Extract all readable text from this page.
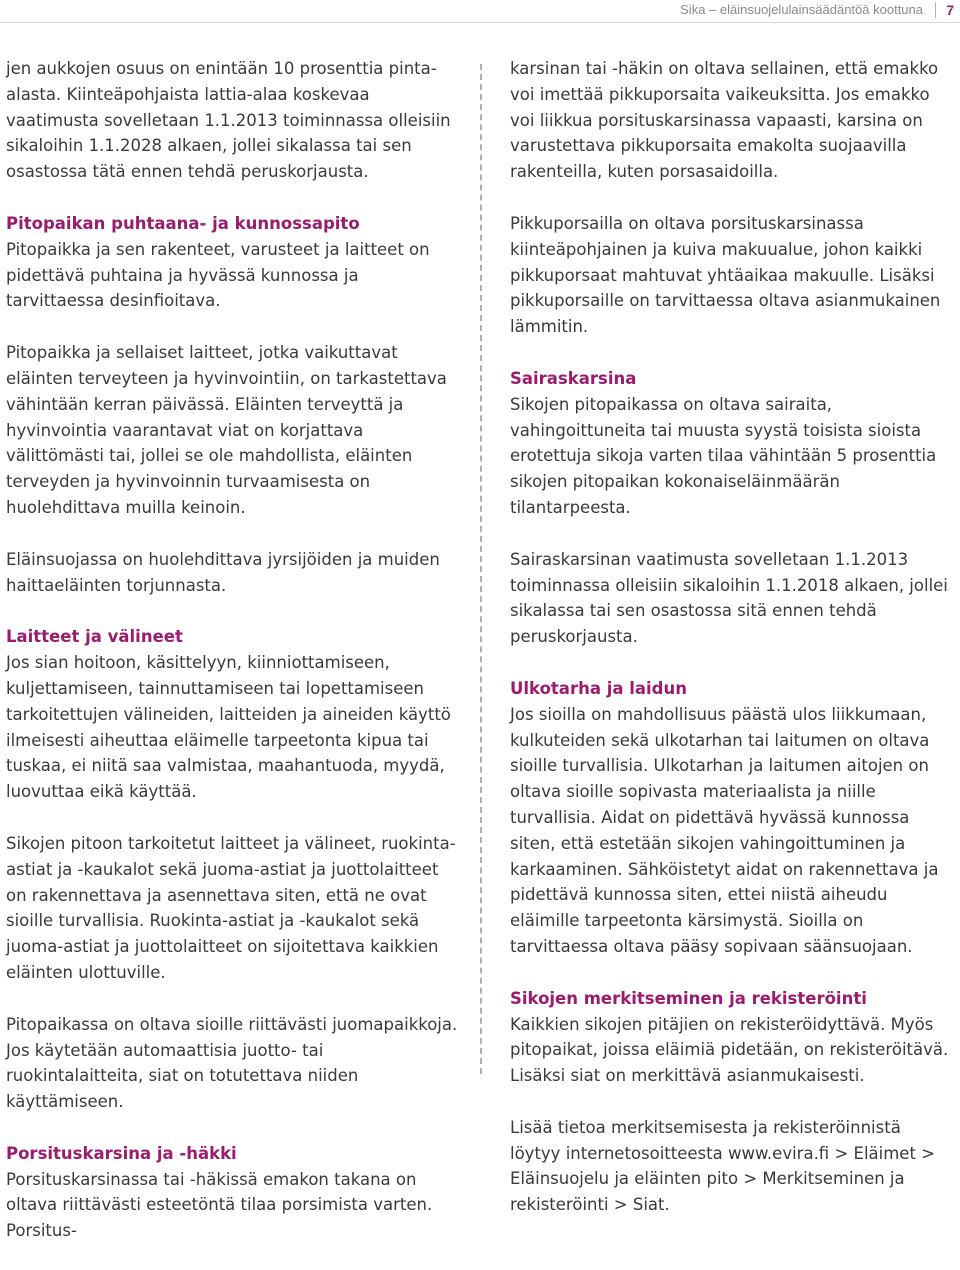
Sika – eläinsuojelulainsäädäntöä koottuna 7

jen aukkojen osuus on enintään 10 prosenttia pinta-alasta. Kiinteäpohjaista lattia-alaa koskevaa vaatimusta sovelletaan 1.1.2013 toiminnassa olleisiin sikaloihin 1.1.2028 alkaen, jollei sikalassa tai sen osastossa tätä ennen tehdä peruskorjausta.

Pitopaikan puhtaana- ja kunnossapito

Pitopaikka ja sen rakenteet, varusteet ja laitteet on pidettävä puhtaina ja hyvässä kunnossa ja tarvittaessa desinfioitava.

Pitopaikka ja sellaiset laitteet, jotka vaikuttavat eläinten terveyteen ja hyvinvointiin, on tarkastettava vähintään kerran päivässä. Eläinten terveyttä ja hyvinvointia vaarantavat viat on korjattava välittömästi tai, jollei se ole mahdollista, eläinten terveyden ja hyvinvoinnin turvaamisesta on huolehdittava muilla keinoin.

Eläinsuojassa on huolehdittava jyrsijöiden ja muiden haittaeläinten torjunnasta.

Laitteet ja välineet

Jos sian hoitoon, käsittelyyn, kiinniottamiseen, kuljettamiseen, tainnuttamiseen tai lopettamiseen tarkoitettujen välineiden, laitteiden ja aineiden käyttö ilmeisesti aiheuttaa eläimelle tarpeetonta kipua tai tuskaa, ei niitä saa valmistaa, maahantuoda, myydä, luovuttaa eikä käyttää.

Sikojen pitoon tarkoitetut laitteet ja välineet, ruokinta-astiat ja -kaukalot sekä juoma-astiat ja juottolaitteet on rakennettava ja asennettava siten, että ne ovat sioille turvallisia. Ruokinta-astiat ja -kaukalot sekä juoma-astiat ja juottolaitteet on sijoitettava kaikkien eläinten ulottuville.

Pitopaikassa on oltava sioille riittävästi juomapaikkoja. Jos käytetään automaattisia juotto- tai ruokintalaitteita, siat on totutettava niiden käyttämiseen.

Porsituskarsina ja -häkki

Porsituskarsinassa tai -häkissä emakon takana on oltava riittävästi esteetöntä tilaa porsimista varten. Porsitus-

karsinan tai -häkin on oltava sellainen, että emakko voi imettää pikkuporsaita vaikeuksitta. Jos emakko voi liikkua porsituskarsinassa vapaasti, karsina on varustettava pikkuporsaita emakolta suojaavilla rakenteilla, kuten porsasaidoilla.

Pikkuporsailla on oltava porsituskarsinassa kiinteäpohjainen ja kuiva makuualue, johon kaikki pikkuporsaat mahtuvat yhtäaikaa makuulle. Lisäksi pikkuporsaille on tarvittaessa oltava asianmukainen lämmitin.

Sairaskarsina

Sikojen pitopaikassa on oltava sairaita, vahingoittuneita tai muusta syystä toisista sioista erotettuja sikoja varten tilaa vähintään 5 prosenttia sikojen pitopaikan kokonaiseläinmäärän tilantarpeesta.

Sairaskarsinan vaatimusta sovelletaan 1.1.2013 toiminnassa olleisiin sikaloihin 1.1.2018 alkaen, jollei sikalassa tai sen osastossa sitä ennen tehdä peruskorjausta.

Ulkotarha ja laidun

Jos sioilla on mahdollisuus päästä ulos liikkumaan, kulkuteiden sekä ulkotarhan tai laitumen on oltava sioille turvallisia. Ulkotarhan ja laitumen aitojen on oltava sioille sopivasta materiaalista ja niille turvallisia. Aidat on pidettävä hyvässä kunnossa siten, että estetään sikojen vahingoittuminen ja karkaaminen. Sähköistetyt aidat on rakennettava ja pidettävä kunnossa siten, ettei niistä aiheudu eläimille tarpeetonta kärsimystä. Sioilla on tarvittaessa oltava pääsy sopivaan säänsuojaan.

Sikojen merkitseminen ja rekisteröinti

Kaikkien sikojen pitäjien on rekisteröidyttävä. Myös pitopaikat, joissa eläimiä pidetään, on rekisteröitävä. Lisäksi siat on merkittävä asianmukaisesti.

Lisää tietoa merkitsemisesta ja rekisteröinnistä löytyy internetosoitteesta www.evira.fi > Eläimet > Eläinsuojelu ja eläinten pito > Merkitseminen ja rekisteröinti > Siat.
